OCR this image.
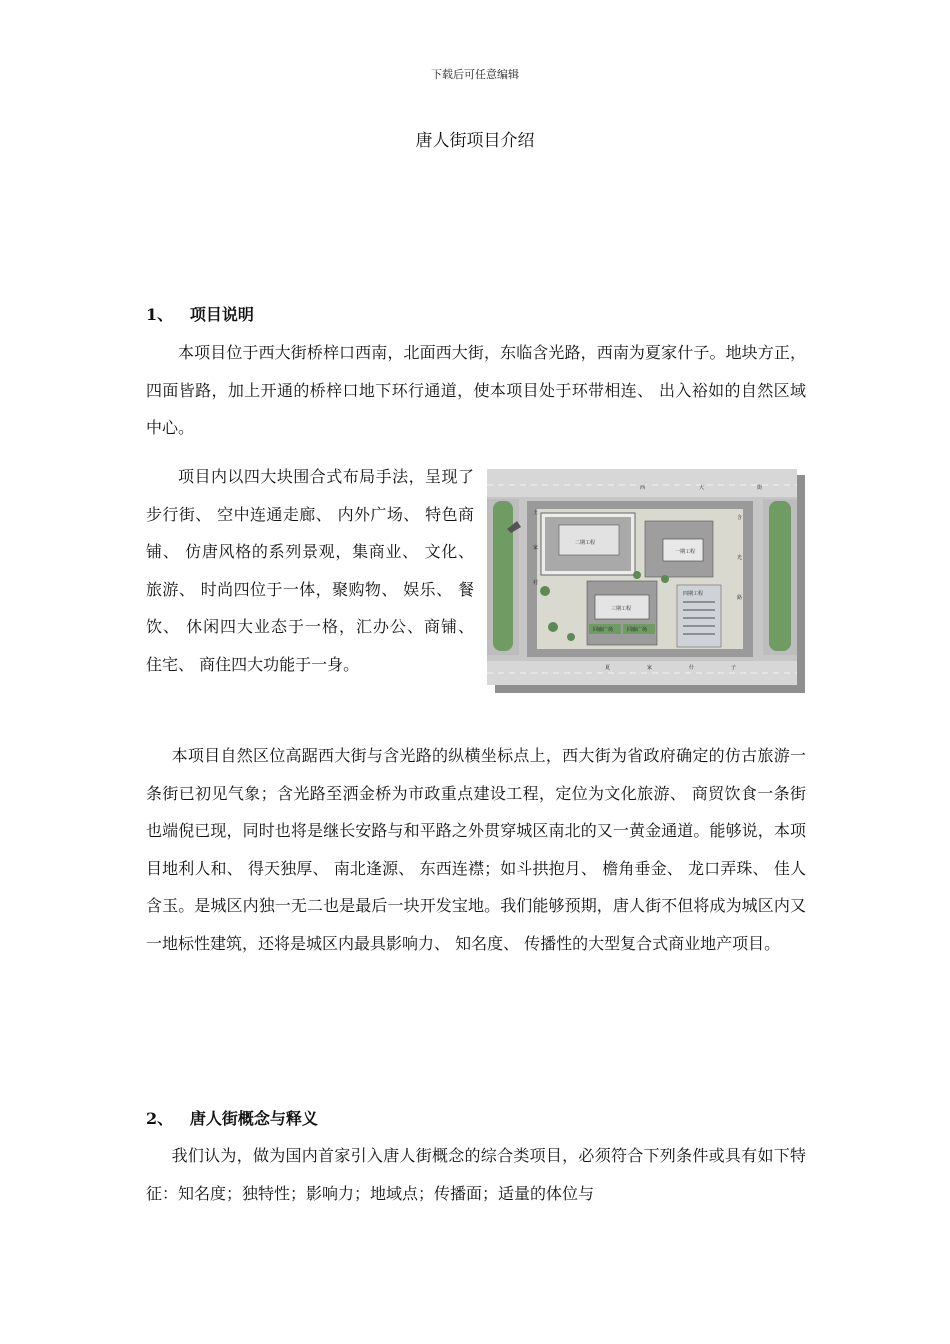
下载后可任意编辑
唐人街项目介绍
1、   项目说明
本项目位于西大街桥梓口西南，北面西大街，东临含光路，西南为夏家什子。地块方正，四面皆路，加上开通的桥梓口地下环行通道，使本项目处于环带相连、 出入裕如的自然区域中心。
项目内以四大块围合式布局手法，呈现了步行街、 空中连通走廊、 内外广场、 特色商铺、 仿唐风格的系列景观，集商业、 文化、 旅游、 时尚四位于一体，聚购物、 娱乐、 餐饮、 休闲四大业态于一格，汇办公、商铺、 住宅、 商住四大功能于一身。
西	大	街
含
光
路
土
家
村
夏	家	什	子
二期工程
一期工程
三期工程
四期工程
回廊广场	回廊广场
本项目自然区位高踞西大街与含光路的纵横坐标点上，西大街为省政府确定的仿古旅游一条街已初见气象；含光路至洒金桥为市政重点建设工程，定位为文化旅游、 商贸饮食一条街也端倪已现，同时也将是继长安路与和平路之外贯穿城区南北的又一黄金通道。能够说，本项目地利人和、 得天独厚、 南北逢源、 东西连襟；如斗拱抱月、 檐角垂金、 龙口弄珠、 佳人含玉。是城区内独一无二也是最后一块开发宝地。我们能够预期，唐人街不但将成为城区内又一地标性建筑，还将是城区内最具影响力、 知名度、 传播性的大型复合式商业地产项目。
2、   唐人街概念与释义
我们认为，做为国内首家引入唐人街概念的综合类项目，必须符合下列条件或具有如下特征：知名度；独特性；影响力；地域点；传播面；适量的体位与
